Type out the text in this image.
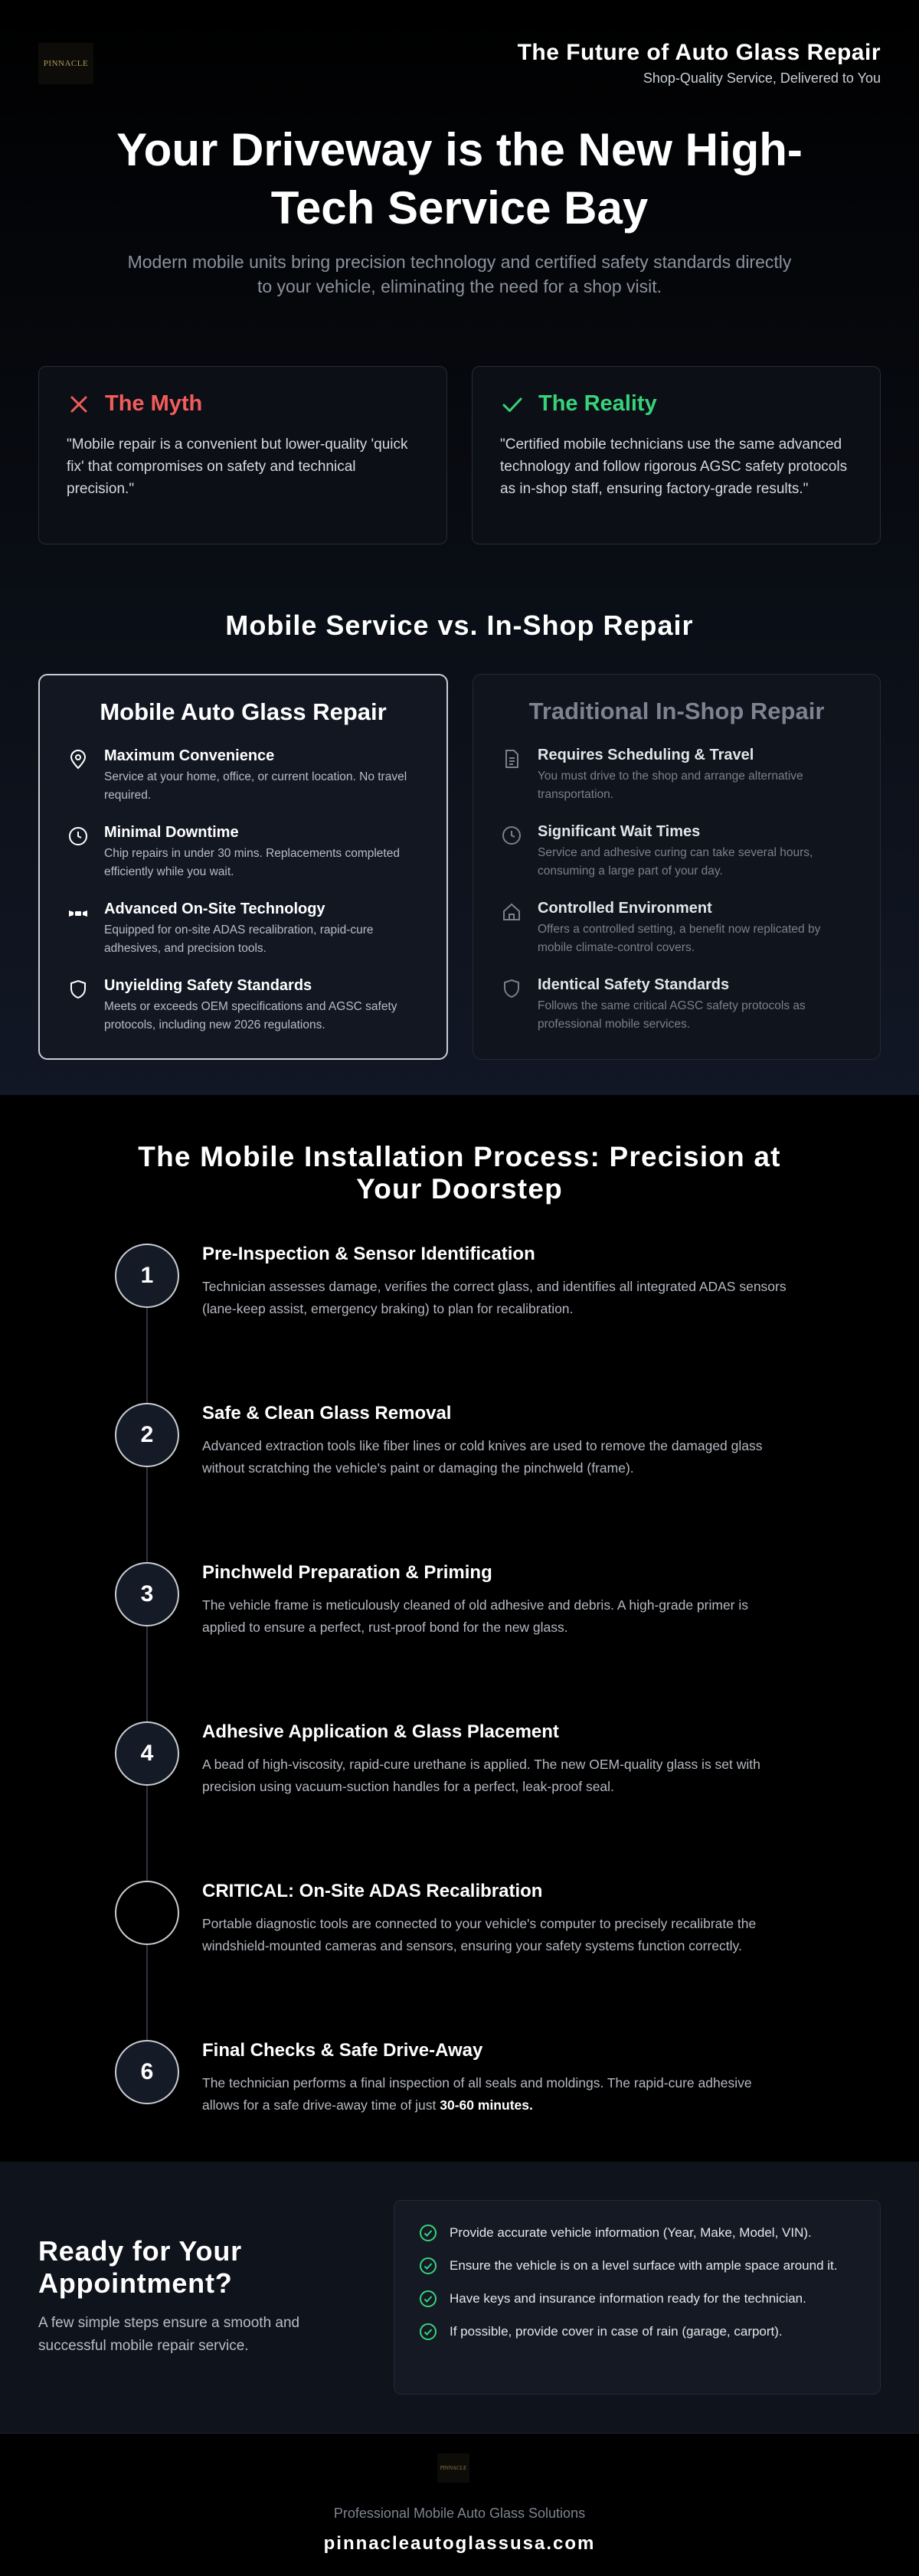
PINNACLE	The Future of Auto Glass Repair
Shop-Quality Service, Delivered to You
Your Driveway is the New High-Tech Service Bay

Modern mobile units bring precision technology and certified safety standards directly to your vehicle, eliminating the need for a shop visit.

The Myth

"Mobile repair is a convenient but lower-quality 'quick fix' that compromises on safety and technical precision."

The Reality

"Certified mobile technicians use the same advanced technology and follow rigorous AGSC safety protocols as in-shop staff, ensuring factory-grade results."

Mobile Service vs. In-Shop Repair
Mobile Auto Glass Repair
Maximum Convenience
Service at your home, office, or current location. No travel required.
Minimal Downtime
Chip repairs in under 30 mins. Replacements completed efficiently while you wait.
Advanced On-Site Technology
Equipped for on-site ADAS recalibration, rapid-cure adhesives, and precision tools.
Unyielding Safety Standards
Meets or exceeds OEM specifications and AGSC safety protocols, including new 2026 regulations.
Traditional In-Shop Repair
Requires Scheduling & Travel
You must drive to the shop and arrange alternative transportation.
Significant Wait Times
Service and adhesive curing can take several hours, consuming a large part of your day.
Controlled Environment
Offers a controlled setting, a benefit now replicated by mobile climate-control covers.
Identical Safety Standards
Follows the same critical AGSC safety protocols as professional mobile services.
The Mobile Installation Process: Precision at Your Doorstep
1
Pre-Inspection & Sensor Identification
Technician assesses damage, verifies the correct glass, and identifies all integrated ADAS sensors (lane-keep assist, emergency braking) to plan for recalibration.
2
Safe & Clean Glass Removal
Advanced extraction tools like fiber lines or cold knives are used to remove the damaged glass without scratching the vehicle's paint or damaging the pinchweld (frame).
3
Pinchweld Preparation & Priming
The vehicle frame is meticulously cleaned of old adhesive and debris. A high-grade primer is applied to ensure a perfect, rust-proof bond for the new glass.
4
Adhesive Application & Glass Placement
A bead of high-viscosity, rapid-cure urethane is applied. The new OEM-quality glass is set with precision using vacuum-suction handles for a perfect, leak-proof seal.
CRITICAL: On-Site ADAS Recalibration
Portable diagnostic tools are connected to your vehicle's computer to precisely recalibrate the windshield-mounted cameras and sensors, ensuring your safety systems function correctly.
6
Final Checks & Safe Drive-Away
The technician performs a final inspection of all seals and moldings. The rapid-cure adhesive allows for a safe drive-away time of just 30-60 minutes.
Ready for Your Appointment?

A few simple steps ensure a smooth and successful mobile repair service.

Provide accurate vehicle information (Year, Make, Model, VIN).
Ensure the vehicle is on a level surface with ample space around it.
Have keys and insurance information ready for the technician.
If possible, provide cover in case of rain (garage, carport).
PINNACLE
Professional Mobile Auto Glass Solutions
pinnacleautoglassusa.com
